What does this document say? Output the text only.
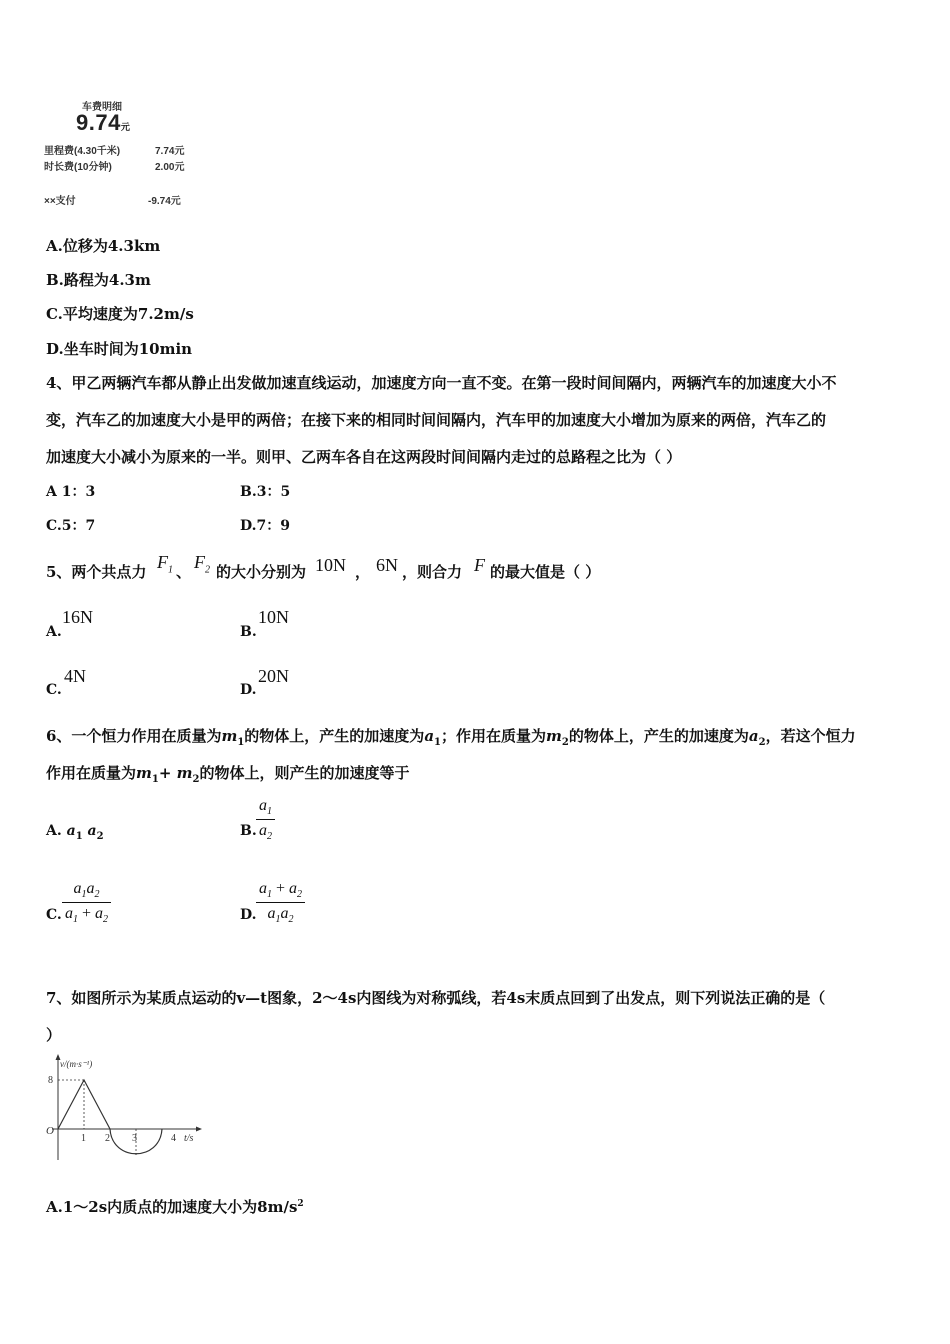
车费明细
9.74元
里程费(4.30千米)	7.74元
时长费(10分钟)	2.00元
××支付	-9.74元
A.位移为4.3km
B.路程为4.3m
C.平均速度为7.2m/s
D.坐车时间为10min
4、甲乙两辆汽车都从静止出发做加速直线运动，加速度方向一直不变。在第一段时间间隔内，两辆汽车的加速度大小不
变，汽车乙的加速度大小是甲的两倍；在接下来的相同时间间隔内，汽车甲的加速度大小增加为原来的两倍，汽车乙的
加速度大小减小为原来的一半。则甲、乙两车各自在这两段时间间隔内走过的总路程之比为（ ）
A 1：3	B.3：5
C.5：7	D.7：9
5、两个共点力 $F_1$ 、 $F_2$ 的大小分别为 10N ， 6N ，则合力 F 的最大值是（ ）
A.
16N
B.
10N
C.
4N
D.
20N
6、一个恒力作用在质量为$m_1$的物体上，产生的加速度为$a_1$；作用在质量为$m_2$的物体上，产生的加速度为$a_2$，若这个恒力
作用在质量为$m_1+ m_2$的物体上，则产生的加速度等于
A. $a_1$ $a_2$	B. $\frac{a_1}{a_2}$
C. $\frac{a_1a_2}{a_1 + a_2}$	D. $\frac{a_1 + a_2}{a_1a_2}$
7、如图所示为某质点运动的v—t图象，2～4s内图线为对称弧线，若4s末质点回到了出发点，则下列说法正确的是（
）
v/(m·s⁻¹)
8
O
1 2 3	4 t/s
A.1～2s内质点的加速度大小为$8m/s^2$
